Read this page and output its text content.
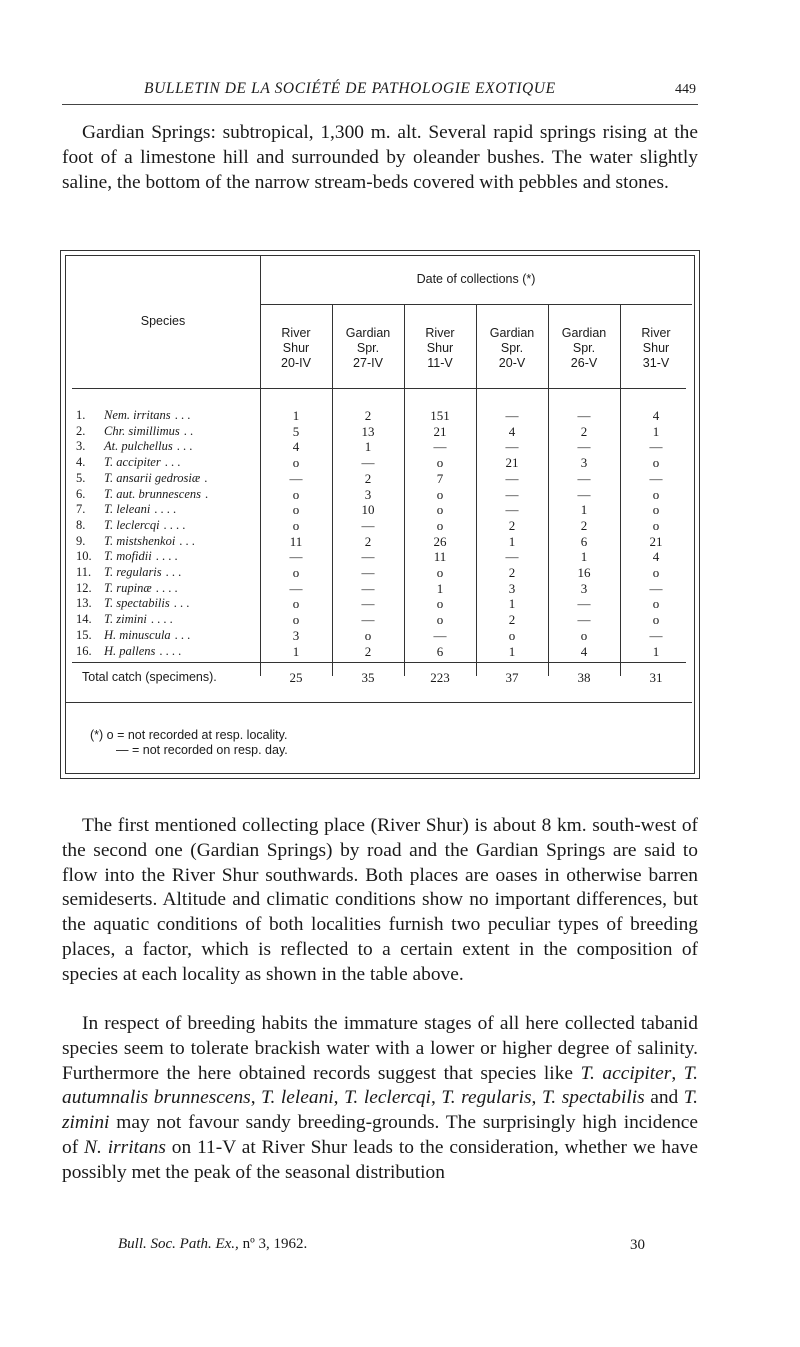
BULLETIN DE LA SOCIÉTÉ DE PATHOLOGIE EXOTIQUE	449

Gardian Springs: subtropical, 1,300 m. alt. Several rapid springs rising at the foot of a limestone hill and surrounded by oleander bushes. The water slightly saline, the bottom of the narrow stream-beds covered with pebbles and stones.

Species
Date of collections (*)
River
Shur
20-IV
Gardian
Spr.
27-IV
River
Shur
11-V
Gardian
Spr.
20-V
Gardian
Spr.
26-V
River
Shur
31-V
1. Nem. irritans . . .	1	2	151	—	—	4
2. Chr. simillimus . .	5	13	21	4	2	1
3. At. pulchellus . . .	4	1	—	—	—	—
4. T. accipiter . . .	o	—	o	21	3	o
5. T. ansarii gedrosiæ .	—	2	7	—	—	—
6. T. aut. brunnescens .	o	3	o	—	—	o
7. T. leleani . . . .	o	10	o	—	1	o
8. T. leclercqi . . . .	o	—	o	2	2	o
9. T. mistshenkoi . . .	11	2	26	1	6	21
10. T. mofidii . . . .	—	—	11	—	1	4
11. T. regularis . . .	o	—	o	2	16	o
12. T. rupinæ . . . .	—	—	1	3	3	—
13. T. spectabilis . . .	o	—	o	1	—	o
14. T. zimini . . . .	o	—	o	2	—	o
15. H. minuscula . . .	3	o	—	o	o	—
16. H. pallens . . . .	1	2	6	1	4	1
Total catch (specimens).	25	35	223	37	38	31
(*) o = not recorded at resp. locality.
— = not recorded on resp. day.

The first mentioned collecting place (River Shur) is about 8 km. south-west of the second one (Gardian Springs) by road and the Gardian Springs are said to flow into the River Shur southwards. Both places are oases in otherwise barren semideserts. Altitude and climatic conditions show no important differences, but the aquatic conditions of both localities furnish two peculiar types of breeding places, a factor, which is reflected to a certain extent in the composition of species at each locality as shown in the table above.

In respect of breeding habits the immature stages of all here collected tabanid species seem to tolerate brackish water with a lower or higher degree of salinity. Furthermore the here obtained records suggest that species like T. accipiter, T. autumnalis brunnescens, T. leleani, T. leclercqi, T. regularis, T. spectabilis and T. zimini may not favour sandy breeding-grounds. The surprisingly high incidence of N. irritans on 11-V at River Shur leads to the consideration, whether we have possibly met the peak of the seasonal distribution

Bull. Soc. Path. Ex., nº 3, 1962.	30
